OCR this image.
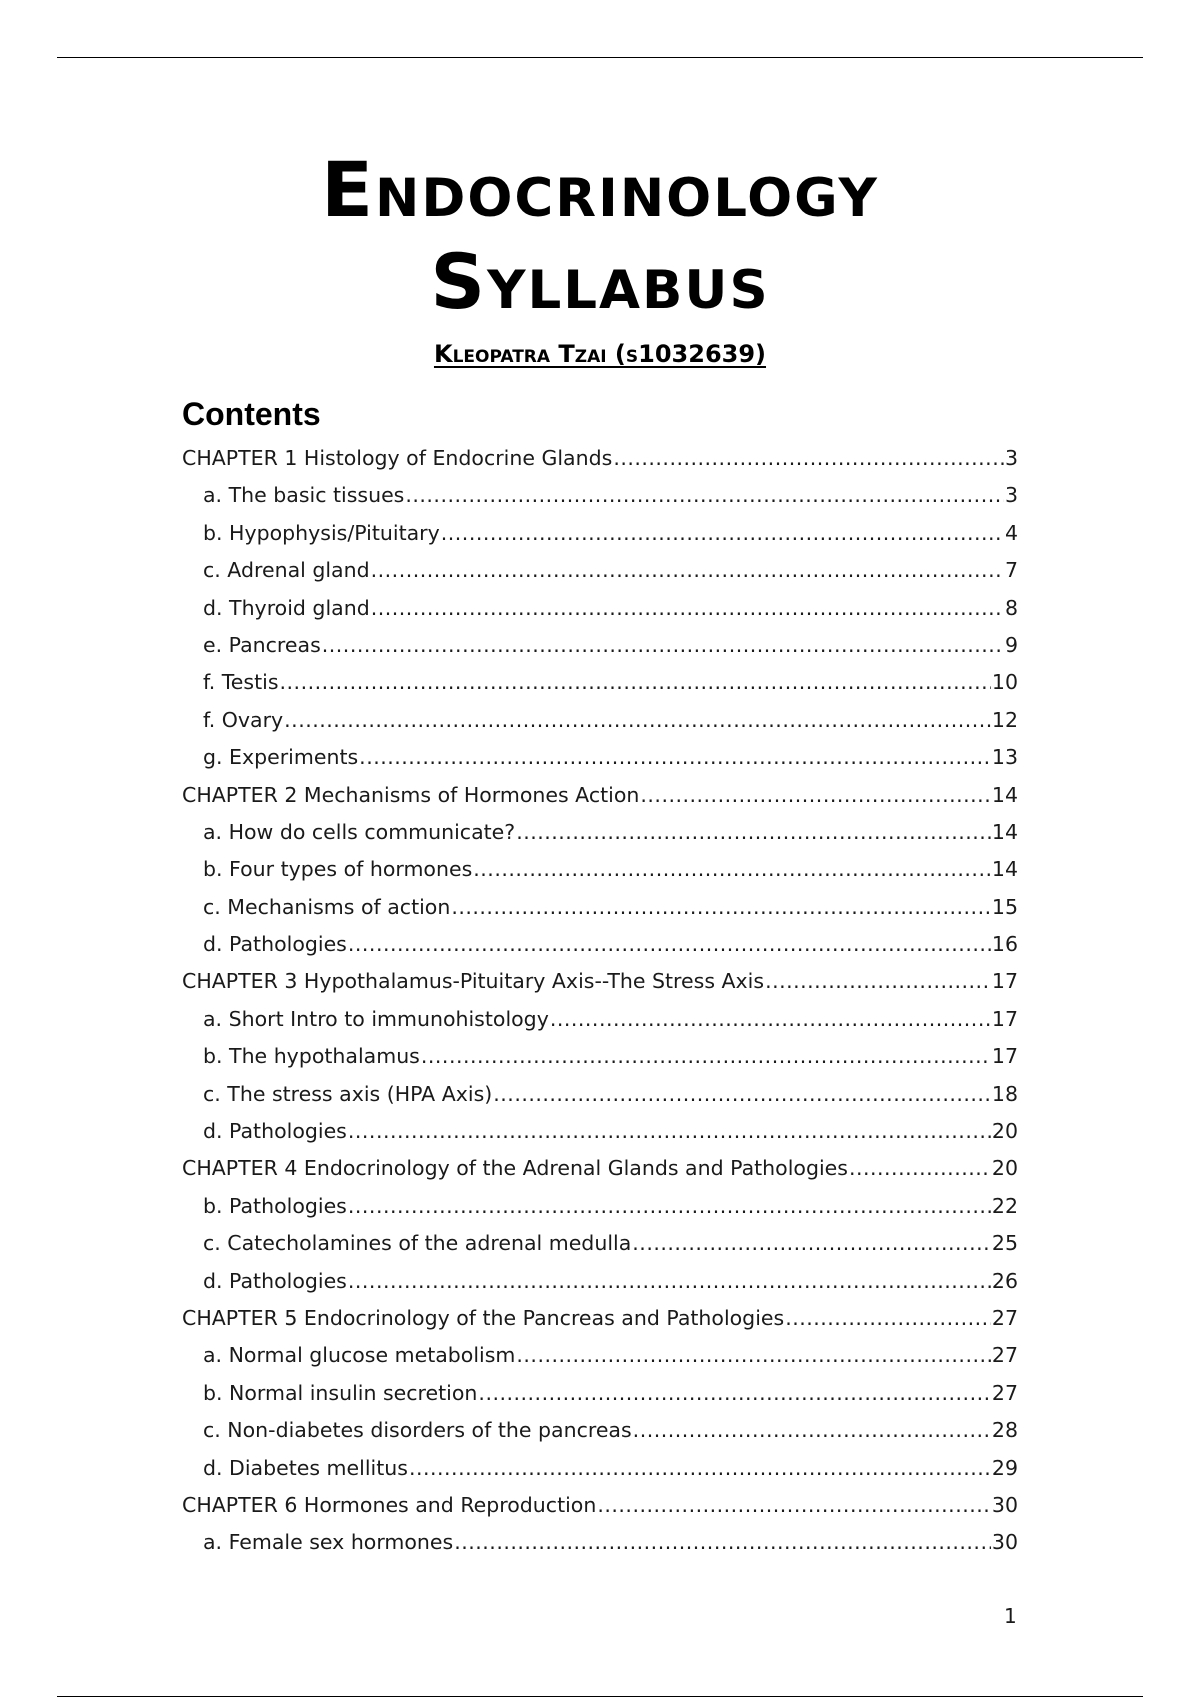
Endocrinology
Syllabus
Kleopatra Tzai (s1032639)
Contents
CHAPTER 1 Histology of Endocrine Glands .....	3
a. The basic tissues .....	3
b. Hypophysis/Pituitary .....	4
c. Adrenal gland .....	7
d. Thyroid gland .....	8
e. Pancreas .....	9
f. Testis .....	10
f. Ovary .....	12
g. Experiments .....	13
CHAPTER 2 Mechanisms of Hormones Action .....	14
a. How do cells communicate? .....	14
b. Four types of hormones .....	14
c. Mechanisms of action .....	15
d. Pathologies .....	16
CHAPTER 3 Hypothalamus-Pituitary Axis--The Stress Axis .....	17
a. Short Intro to immunohistology .....	17
b. The hypothalamus .....	17
c. The stress axis (HPA Axis) .....	18
d. Pathologies .....	20
CHAPTER 4 Endocrinology of the Adrenal Glands and Pathologies .....	20
b. Pathologies .....	22
c. Catecholamines of the adrenal medulla .....	25
d. Pathologies .....	26
CHAPTER 5 Endocrinology of the Pancreas and Pathologies .....	27
a. Normal glucose metabolism .....	27
b. Normal insulin secretion .....	27
c. Non-diabetes disorders of the pancreas .....	28
d. Diabetes mellitus .....	29
CHAPTER 6 Hormones and Reproduction .....	30
a. Female sex hormones .....	30
1
